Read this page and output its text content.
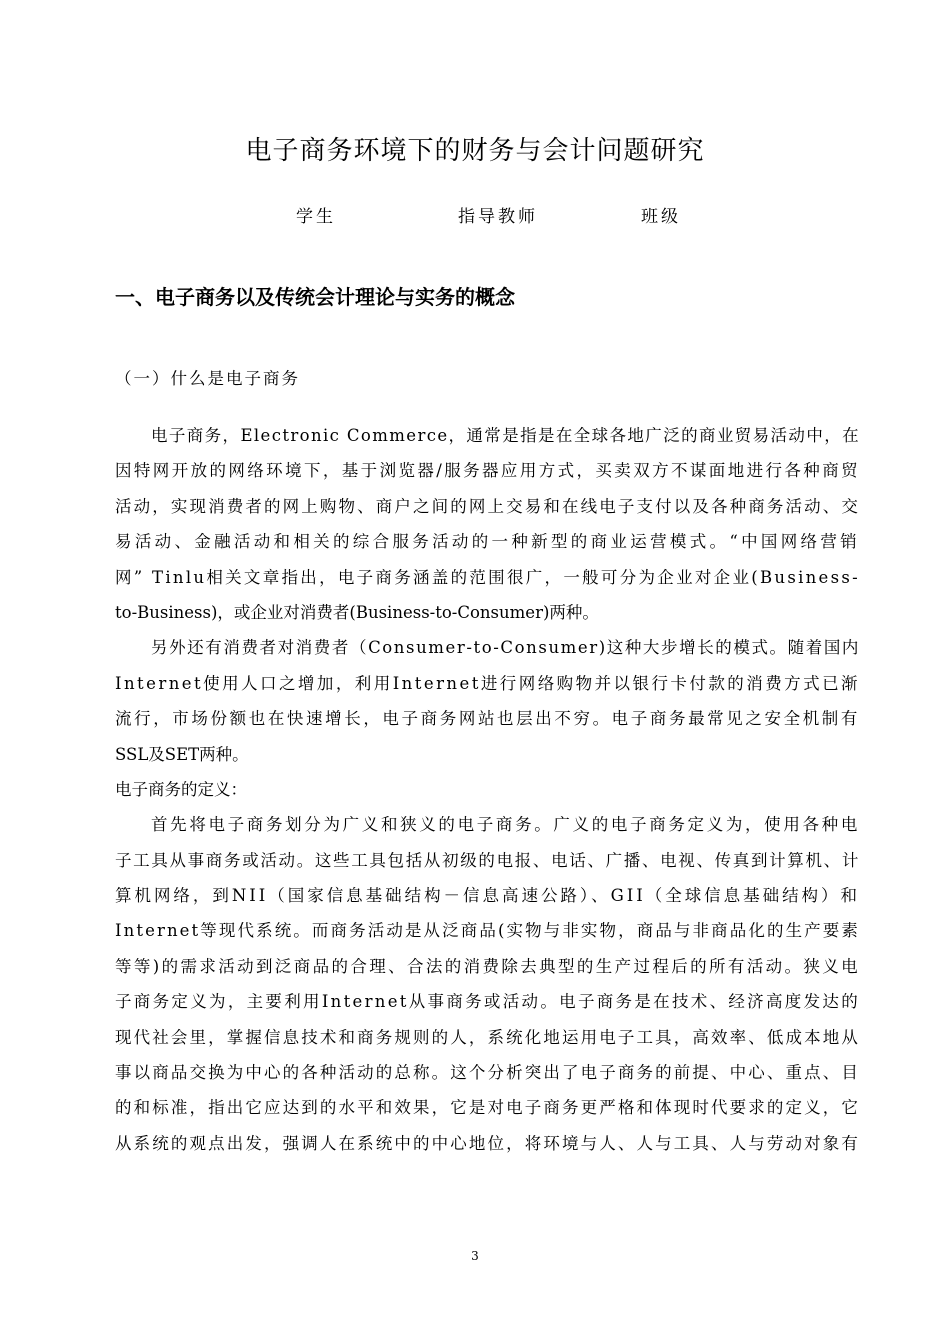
电子商务环境下的财务与会计问题研究
学生	指导教师	班级
一、电子商务以及传统会计理论与实务的概念
（一）什么是电子商务
电子商务，Electronic Commerce，通常是指是在全球各地广泛的商业贸易活动中，在
因特网开放的网络环境下，基于浏览器/服务器应用方式，买卖双方不谋面地进行各种商贸
活动，实现消费者的网上购物、商户之间的网上交易和在线电子支付以及各种商务活动、交
易活动、金融活动和相关的综合服务活动的一种新型的商业运营模式。“中国网络营销
网” Tinlu相关文章指出，电子商务涵盖的范围很广，一般可分为企业对企业(Business-
to-Business)，或企业对消费者(Business-to-Consumer)两种。
另外还有消费者对消费者（Consumer-to-Consumer)这种大步增长的模式。随着国内
Internet使用人口之增加，利用Internet进行网络购物并以银行卡付款的消费方式已渐
流行，市场份额也在快速增长，电子商务网站也层出不穷。电子商务最常见之安全机制有
SSL及SET两种。
电子商务的定义：
首先将电子商务划分为广义和狭义的电子商务。广义的电子商务定义为，使用各种电
子工具从事商务或活动。这些工具包括从初级的电报、电话、广播、电视、传真到计算机、计
算机网络，到NII（国家信息基础结构－信息高速公路）、GII（全球信息基础结构）和
Internet等现代系统。而商务活动是从泛商品(实物与非实物，商品与非商品化的生产要素
等等)的需求活动到泛商品的合理、合法的消费除去典型的生产过程后的所有活动。狭义电
子商务定义为，主要利用Internet从事商务或活动。电子商务是在技术、经济高度发达的
现代社会里，掌握信息技术和商务规则的人，系统化地运用电子工具，高效率、低成本地从
事以商品交换为中心的各种活动的总称。这个分析突出了电子商务的前提、中心、重点、目
的和标准，指出它应达到的水平和效果，它是对电子商务更严格和体现时代要求的定义，它
从系统的观点出发，强调人在系统中的中心地位，将环境与人、人与工具、人与劳动对象有
3
